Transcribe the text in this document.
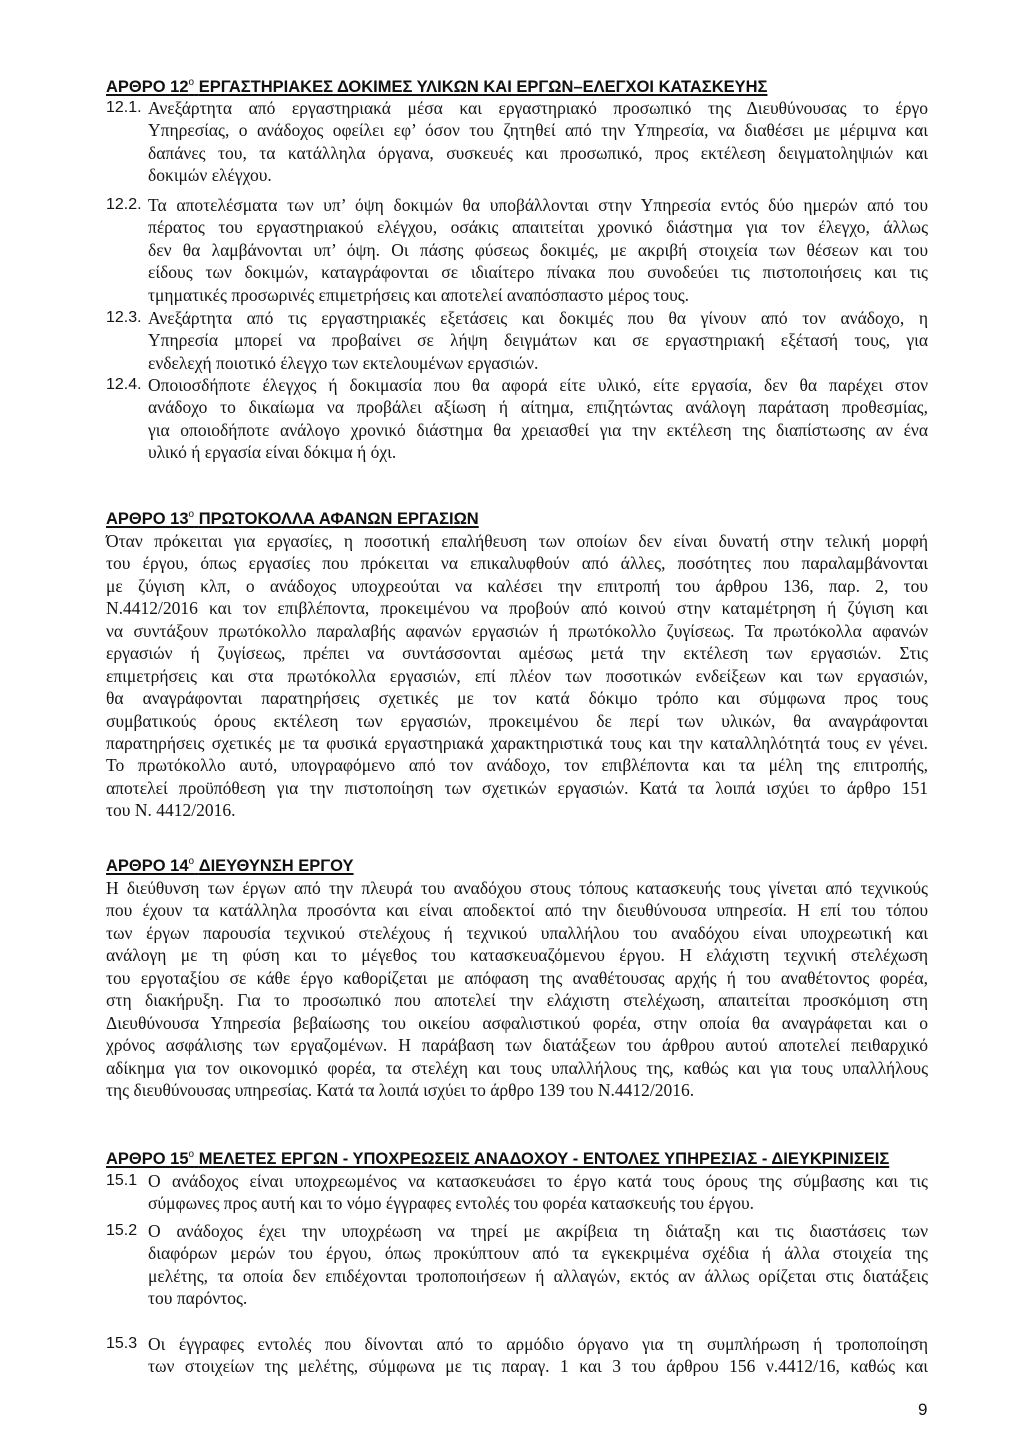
ΑΡΘΡΟ 12$^o$ ΕΡΓΑΣΤΗΡΙΑΚΕΣ ΔΟΚΙΜΕΣ ΥΛΙΚΩΝ ΚΑΙ ΕΡΓΩΝ–ΕΛΕΓΧΟΙ ΚΑΤΑΣΚΕΥΗΣ
12.1. Ανεξάρτητα από εργαστηριακά μέσα και εργαστηριακό προσωπικό της Διευθύνουσας το έργο
Υπηρεσίας, ο ανάδοχος οφείλει εφ’ όσον του ζητηθεί από την Υπηρεσία, να διαθέσει με μέριμνα και
δαπάνες του, τα κατάλληλα όργανα, συσκευές και προσωπικό, προς εκτέλεση δειγματοληψιών και
δοκιμών ελέγχου.
12.2. Τα αποτελέσματα των υπ’ όψη δοκιμών θα υποβάλλονται στην Υπηρεσία εντός δύο ημερών από του
πέρατος του εργαστηριακού ελέγχου, οσάκις απαιτείται χρονικό διάστημα για τον έλεγχο, άλλως
δεν θα λαμβάνονται υπ’ όψη. Οι πάσης φύσεως δοκιμές, με ακριβή στοιχεία των θέσεων και του
είδους των δοκιμών, καταγράφονται σε ιδιαίτερο πίνακα που συνοδεύει τις πιστοποιήσεις και τις
τμηματικές προσωρινές επιμετρήσεις και αποτελεί αναπόσπαστο μέρος τους.
12.3. Ανεξάρτητα από τις εργαστηριακές εξετάσεις και δοκιμές που θα γίνουν από τον ανάδοχο, η
Υπηρεσία μπορεί να προβαίνει σε λήψη δειγμάτων και σε εργαστηριακή εξέτασή τους, για
ενδελεχή ποιοτικό έλεγχο των εκτελουμένων εργασιών.
12.4. Οποιοσδήποτε έλεγχος ή δοκιμασία που θα αφορά είτε υλικό, είτε εργασία, δεν θα παρέχει στον
ανάδοχο το δικαίωμα να προβάλει αξίωση ή αίτημα, επιζητώντας ανάλογη παράταση προθεσμίας,
για οποιοδήποτε ανάλογο χρονικό διάστημα θα χρειασθεί για την εκτέλεση της διαπίστωσης αν ένα
υλικό ή εργασία είναι δόκιμα ή όχι.
ΑΡΘΡΟ 13$^o$ ΠΡΩΤΟΚΟΛΛΑ ΑΦΑΝΩΝ ΕΡΓΑΣΙΩΝ
Όταν πρόκειται για εργασίες, η ποσοτική επαλήθευση των οποίων δεν είναι δυνατή στην τελική μορφή
του έργου, όπως εργασίες που πρόκειται να επικαλυφθούν από άλλες, ποσότητες που παραλαμβάνονται
με ζύγιση κλπ, ο ανάδοχος υποχρεούται να καλέσει την επιτροπή του άρθρου 136, παρ. 2, του
Ν.4412/2016 και τον επιβλέποντα, προκειμένου να προβούν από κοινού στην καταμέτρηση ή ζύγιση και
να συντάξουν πρωτόκολλο παραλαβής αφανών εργασιών ή πρωτόκολλο ζυγίσεως. Τα πρωτόκολλα αφανών
εργασιών ή ζυγίσεως, πρέπει να συντάσσονται αμέσως μετά την εκτέλεση των εργασιών. Στις
επιμετρήσεις και στα πρωτόκολλα εργασιών, επί πλέον των ποσοτικών ενδείξεων και των εργασιών,
θα αναγράφονται παρατηρήσεις σχετικές με τον κατά δόκιμο τρόπο και σύμφωνα προς τους
συμβατικούς όρους εκτέλεση των εργασιών, προκειμένου δε περί των υλικών, θα αναγράφονται
παρατηρήσεις σχετικές με τα φυσικά εργαστηριακά χαρακτηριστικά τους και την καταλληλότητά τους εν γένει.
Το πρωτόκολλο αυτό, υπογραφόμενο από τον ανάδοχο, τον επιβλέποντα και τα μέλη της επιτροπής,
αποτελεί προϋπόθεση για την πιστοποίηση των σχετικών εργασιών. Κατά τα λοιπά ισχύει το άρθρο 151
του Ν. 4412/2016.
ΑΡΘΡΟ 14$^o$ ΔΙΕΥΘΥΝΣΗ ΕΡΓΟΥ
Η διεύθυνση των έργων από την πλευρά του αναδόχου στους τόπους κατασκευής τους γίνεται από τεχνικούς
που έχουν τα κατάλληλα προσόντα και είναι αποδεκτοί από την διευθύνουσα υπηρεσία. Η επί του τόπου
των έργων παρουσία τεχνικού στελέχους ή τεχνικού υπαλλήλου του αναδόχου είναι υποχρεωτική και
ανάλογη με τη φύση και το μέγεθος του κατασκευαζόμενου έργου. Η ελάχιστη τεχνική στελέχωση
του εργοταξίου σε κάθε έργο καθορίζεται με απόφαση της αναθέτουσας αρχής ή του αναθέτοντος φορέα,
στη διακήρυξη. Για το προσωπικό που αποτελεί την ελάχιστη στελέχωση, απαιτείται προσκόμιση στη
Διευθύνουσα Υπηρεσία βεβαίωσης του οικείου ασφαλιστικού φορέα, στην οποία θα αναγράφεται και ο
χρόνος ασφάλισης των εργαζομένων. Η παράβαση των διατάξεων του άρθρου αυτού αποτελεί πειθαρχικό
αδίκημα για τον οικονομικό φορέα, τα στελέχη και τους υπαλλήλους της, καθώς και για τους υπαλλήλους
της διευθύνουσας υπηρεσίας. Κατά τα λοιπά ισχύει το άρθρο 139 του Ν.4412/2016.
ΑΡΘΡΟ 15$^o$ ΜΕΛΕΤΕΣ ΕΡΓΩΝ - ΥΠΟΧΡΕΩΣΕΙΣ ΑΝΑΔΟΧΟΥ - ΕΝΤΟΛΕΣ ΥΠΗΡΕΣΙΑΣ - ΔΙΕΥΚΡΙΝΙΣΕΙΣ
15.1 Ο ανάδοχος είναι υποχρεωμένος να κατασκευάσει το έργο κατά τους όρους της σύμβασης και τις
σύμφωνες προς αυτή και το νόμο έγγραφες εντολές του φορέα κατασκευής του έργου.
15.2 Ο ανάδοχος έχει την υποχρέωση να τηρεί με ακρίβεια τη διάταξη και τις διαστάσεις των
διαφόρων μερών του έργου, όπως προκύπτουν από τα εγκεκριμένα σχέδια ή άλλα στοιχεία της
μελέτης, τα οποία δεν επιδέχονται τροποποιήσεων ή αλλαγών, εκτός αν άλλως ορίζεται στις διατάξεις
του παρόντος.
15.3 Οι έγγραφες εντολές που δίνονται από το αρμόδιο όργανο για τη συμπλήρωση ή τροποποίηση
των στοιχείων της μελέτης, σύμφωνα με τις παραγ. 1 και 3 του άρθρου 156 ν.4412/16, καθώς και
9
